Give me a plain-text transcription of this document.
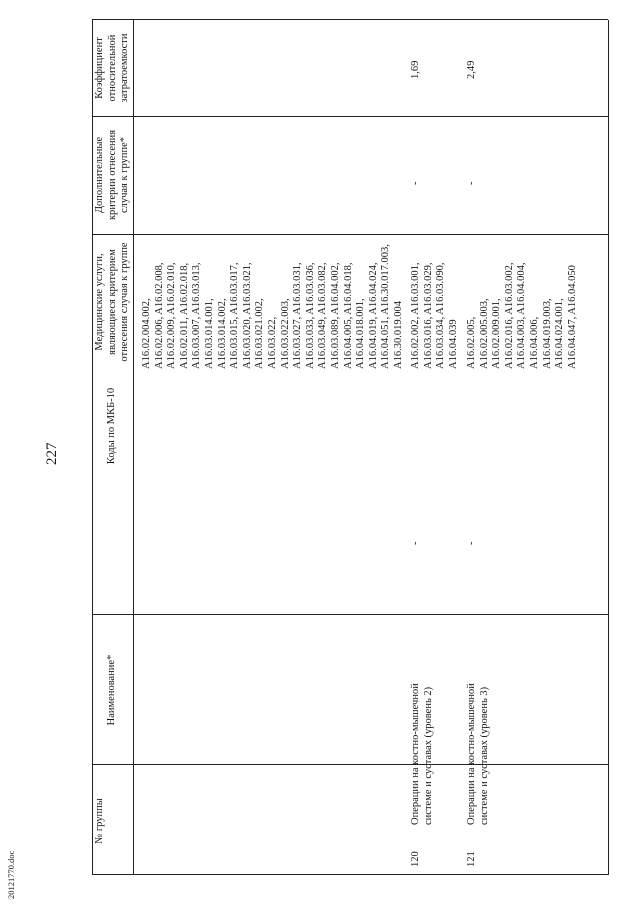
227
20121770.doc
№ группы
Наименование*
Коды по МКБ-10
Медицинские услуги, являющиеся критерием отнесения случая к группе
Дополнительные критерии отнесения случая к группе*
Коэффициент относительной затратоемкости
A16.02.004.002, A16.02.006, A16.02.008, A16.02.009, A16.02.010, A16.02.011, A16.02.018, A16.03.007, A16.03.013, A16.03.014.001, A16.03.014.002, A16.03.015, A16.03.017, A16.03.020, A16.03.021, A16.03.021.002, A16.03.022, A16.03.022.003, A16.03.027, A16.03.031, A16.03.033, A16.03.036, A16.03.049, A16.03.082, A16.03.089, A16.04.002, A16.04.005, A16.04.018, A16.04.018.001, A16.04.019, A16.04.024, A16.04.051, A16.30.017.003, A16.30.019.004
120
Операции на костно-мышечной системе и суставах (уровень 2)
-
A16.02.002, A16.03.001, A16.03.016, A16.03.029, A16.03.034, A16.03.090, A16.04.039
-
1,69
121
Операции на костно-мышечной системе и суставах (уровень 3)
-
A16.02.005, A16.02.005.003, A16.02.009.001, A16.02.016, A16.03.002, A16.04.003, A16.04.004, A16.04.006, A16.04.019.003, A16.04.024.001, A16.04.047, A16.04.050
-
2,49
